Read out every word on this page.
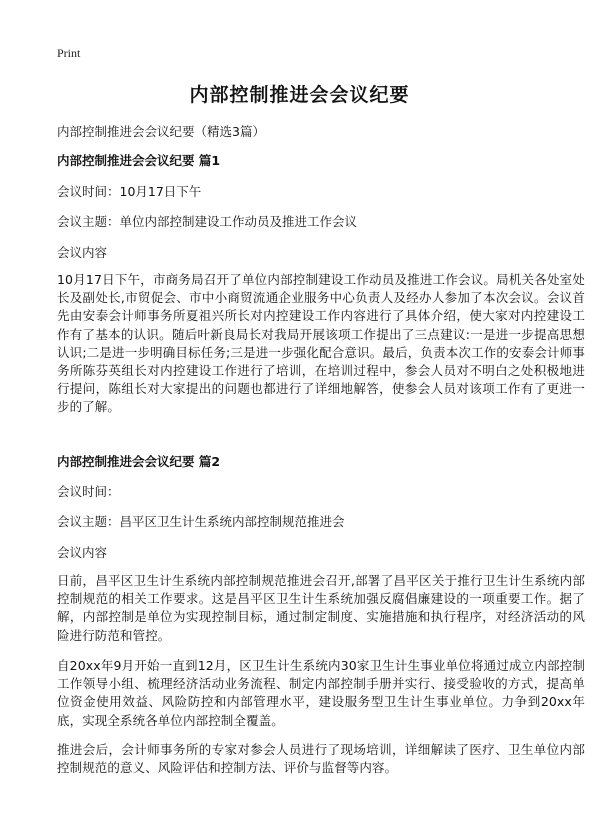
Print
内部控制推进会会议纪要
内部控制推进会会议纪要（精选3篇）
内部控制推进会会议纪要 篇1
会议时间：10月17日下午
会议主题：单位内部控制建设工作动员及推进工作会议
会议内容
10月17日下午，市商务局召开了单位内部控制建设工作动员及推进工作会议。局机关各处室处长及副处长,市贸促会、市中小商贸流通企业服务中心负责人及经办人参加了本次会议。会议首先由安泰会计师事务所夏祖兴所长对内控建设工作内容进行了具体介绍，使大家对内控建设工作有了基本的认识。随后叶新良局长对我局开展该项工作提出了三点建议:一是进一步提高思想认识;二是进一步明确目标任务;三是进一步强化配合意识。最后，负责本次工作的安泰会计师事务所陈芬英组长对内控建设工作进行了培训，在培训过程中，参会人员对不明白之处积极地进行提问，陈组长对大家提出的问题也都进行了详细地解答，使参会人员对该项工作有了更进一步的了解。
内部控制推进会会议纪要 篇2
会议时间：
会议主题：昌平区卫生计生系统内部控制规范推进会
会议内容
日前，昌平区卫生计生系统内部控制规范推进会召开,部署了昌平区关于推行卫生计生系统内部控制规范的相关工作要求。这是昌平区卫生计生系统加强反腐倡廉建设的一项重要工作。据了解，内部控制是单位为实现控制目标，通过制定制度、实施措施和执行程序，对经济活动的风险进行防范和管控。
自20xx年9月开始一直到12月，区卫生计生系统内30家卫生计生事业单位将通过成立内部控制工作领导小组、梳理经济活动业务流程、制定内部控制手册并实行、接受验收的方式，提高单位资金使用效益、风险防控和内部管理水平，建设服务型卫生计生事业单位。力争到20xx年底，实现全系统各单位内部控制全覆盖。
推进会后，会计师事务所的专家对参会人员进行了现场培训，详细解读了医疗、卫生单位内部控制规范的意义、风险评估和控制方法、评价与监督等内容。
